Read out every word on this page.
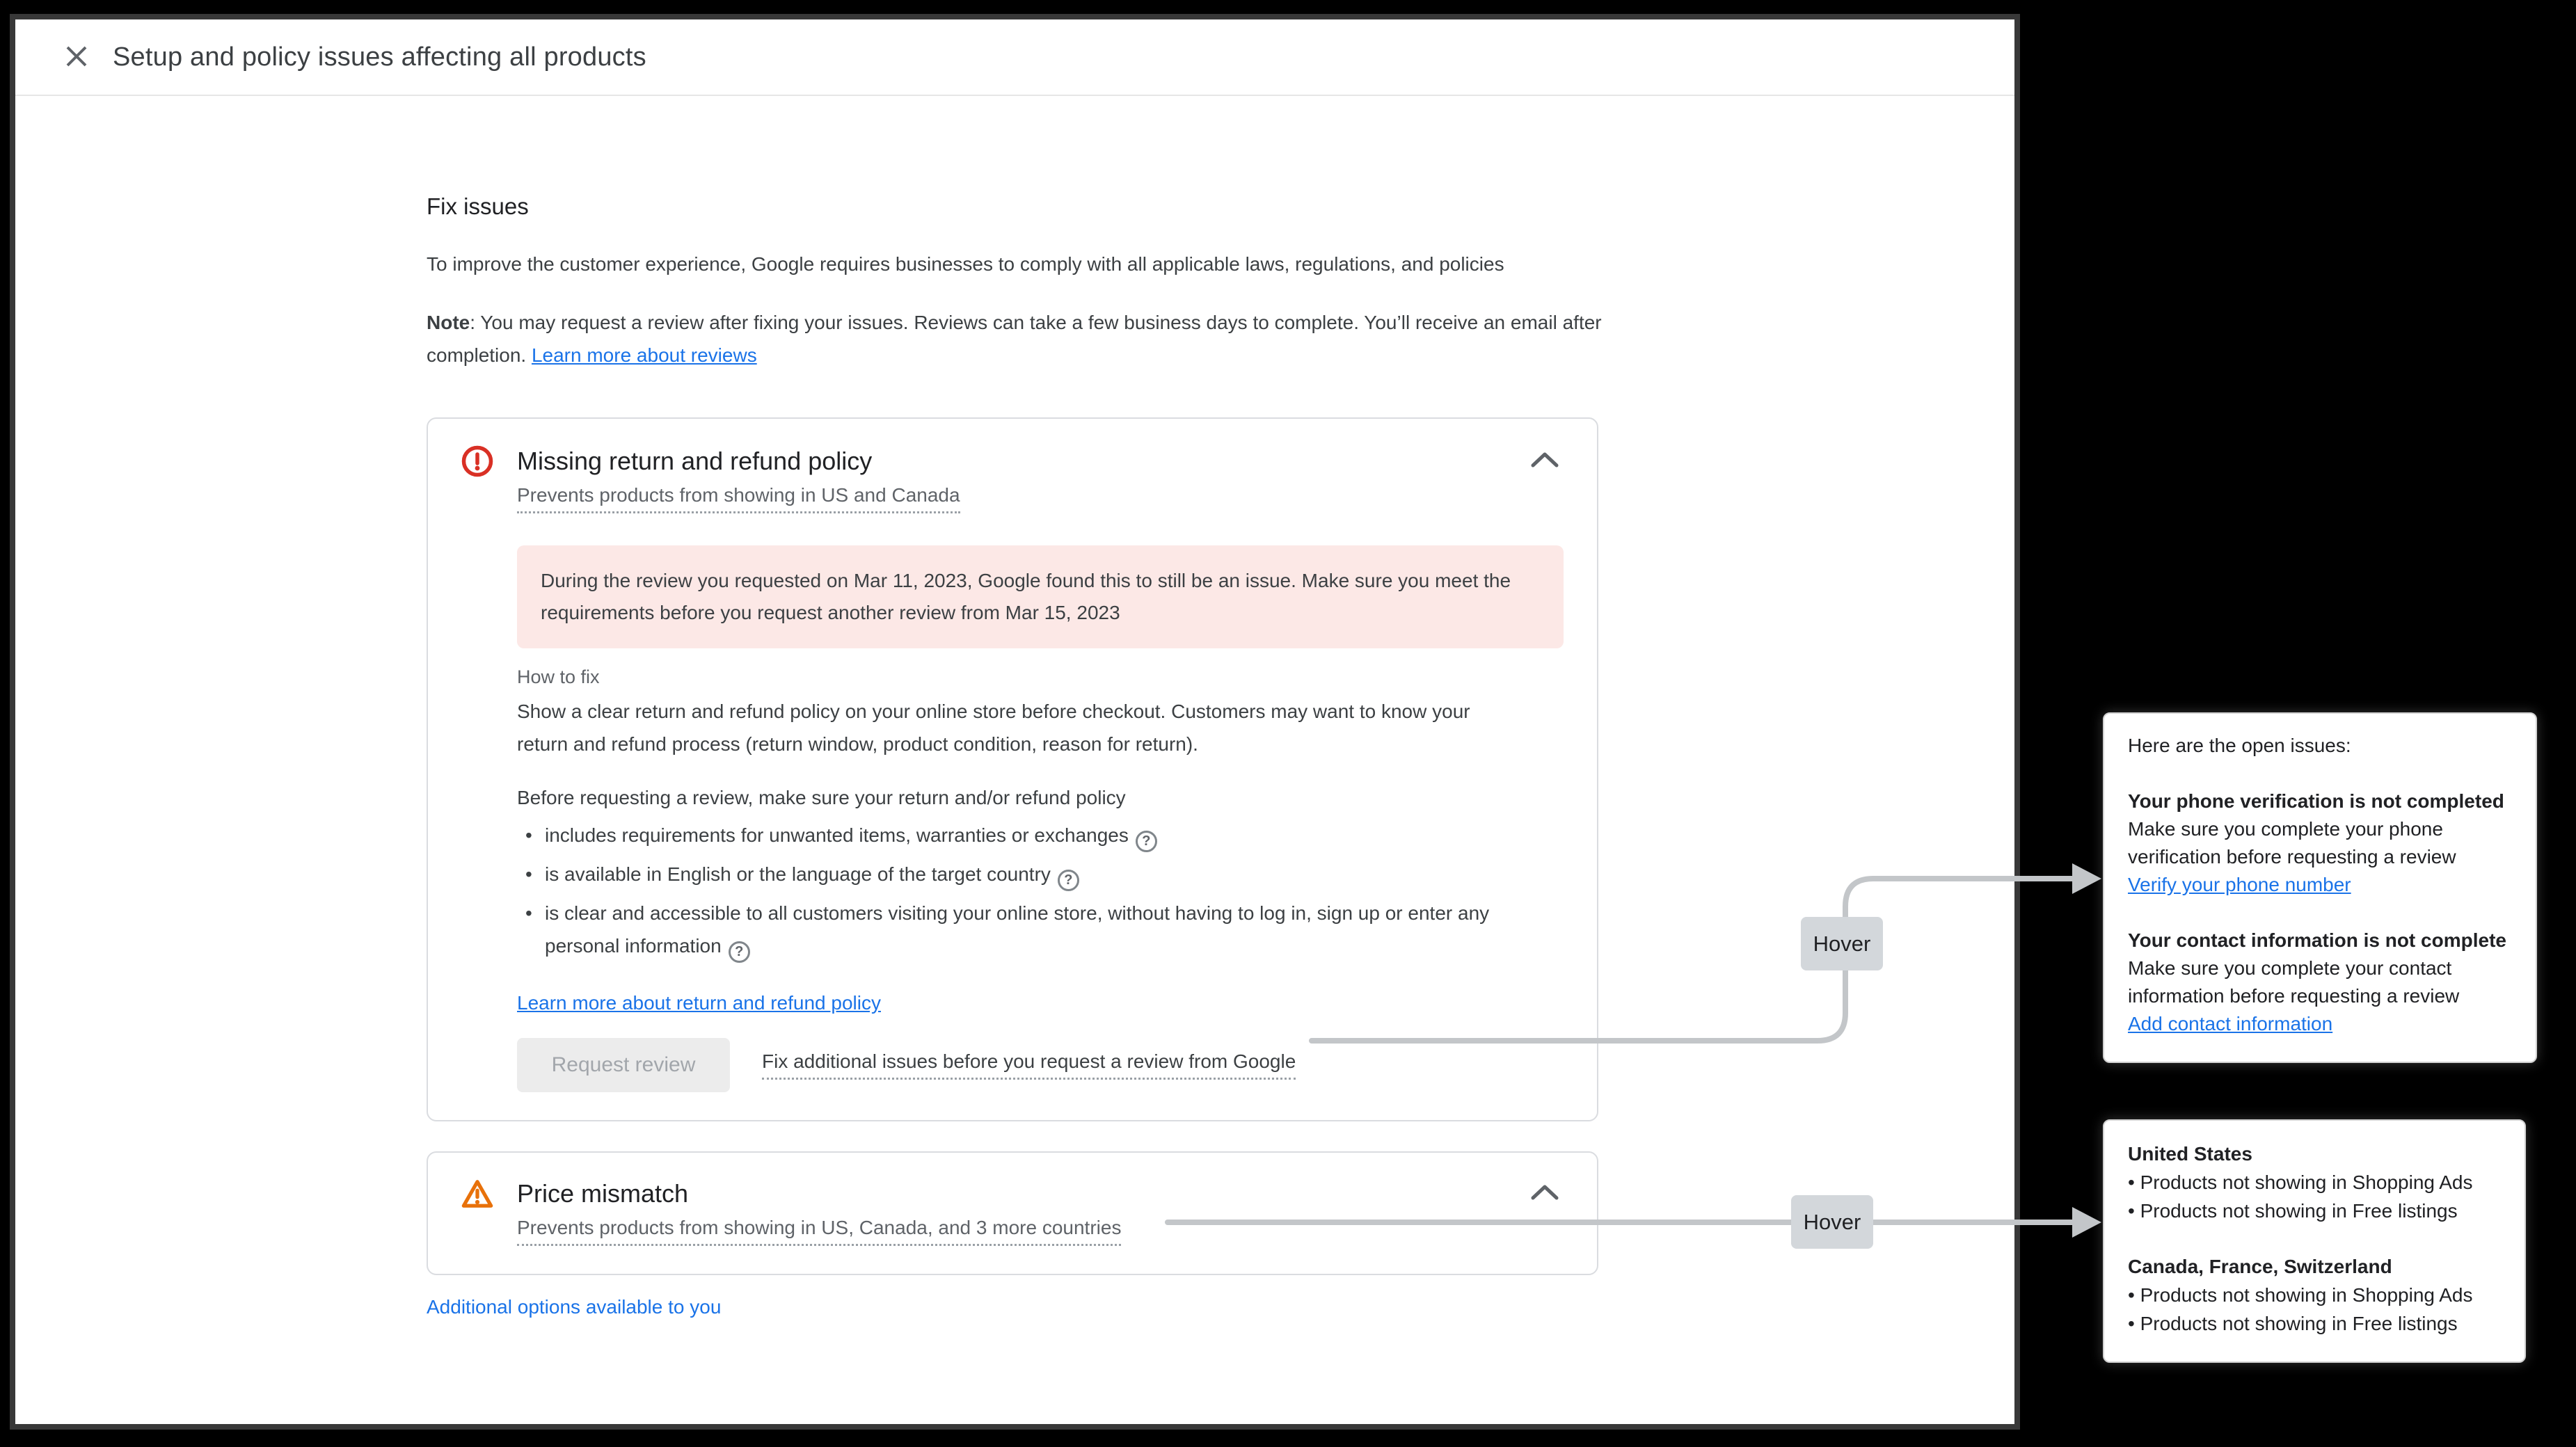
Setup and policy issues affecting all products
Fix issues
To improve the customer experience, Google requires businesses to comply with all applicable laws, regulations, and policies
Note: You may request a review after fixing your issues. Reviews can take a few business days to complete. You’ll receive an email after completion. Learn more about reviews
Missing return and refund policy
Prevents products from showing in US and Canada
During the review you requested on Mar 11, 2023, Google found this to still be an issue. Make sure you meet the requirements before you request another review from Mar 15, 2023
How to fix
Show a clear return and refund policy on your online store before checkout. Customers may want to know your return and refund process (return window, product condition, reason for return).
Before requesting a review, make sure your return and/or refund policy
• includes requirements for unwanted items, warranties or exchanges ?
• is available in English or the language of the target country ?
• is clear and accessible to all customers visiting your online store, without having to log in, sign up or enter any personal information ?
Learn more about return and refund policy
Request review	Fix additional issues before you request a review from Google
Price mismatch
Prevents products from showing in US, Canada, and 3 more countries
Additional options available to you
Hover
Hover
Here are the open issues:
Your phone verification is not completed
Make sure you complete your phone verification before requesting a review
Verify your phone number
Your contact information is not complete
Make sure you complete your contact information before requesting a review
Add contact information
United States
• Products not showing in Shopping Ads
• Products not showing in Free listings
Canada, France, Switzerland
• Products not showing in Shopping Ads
• Products not showing in Free listings
